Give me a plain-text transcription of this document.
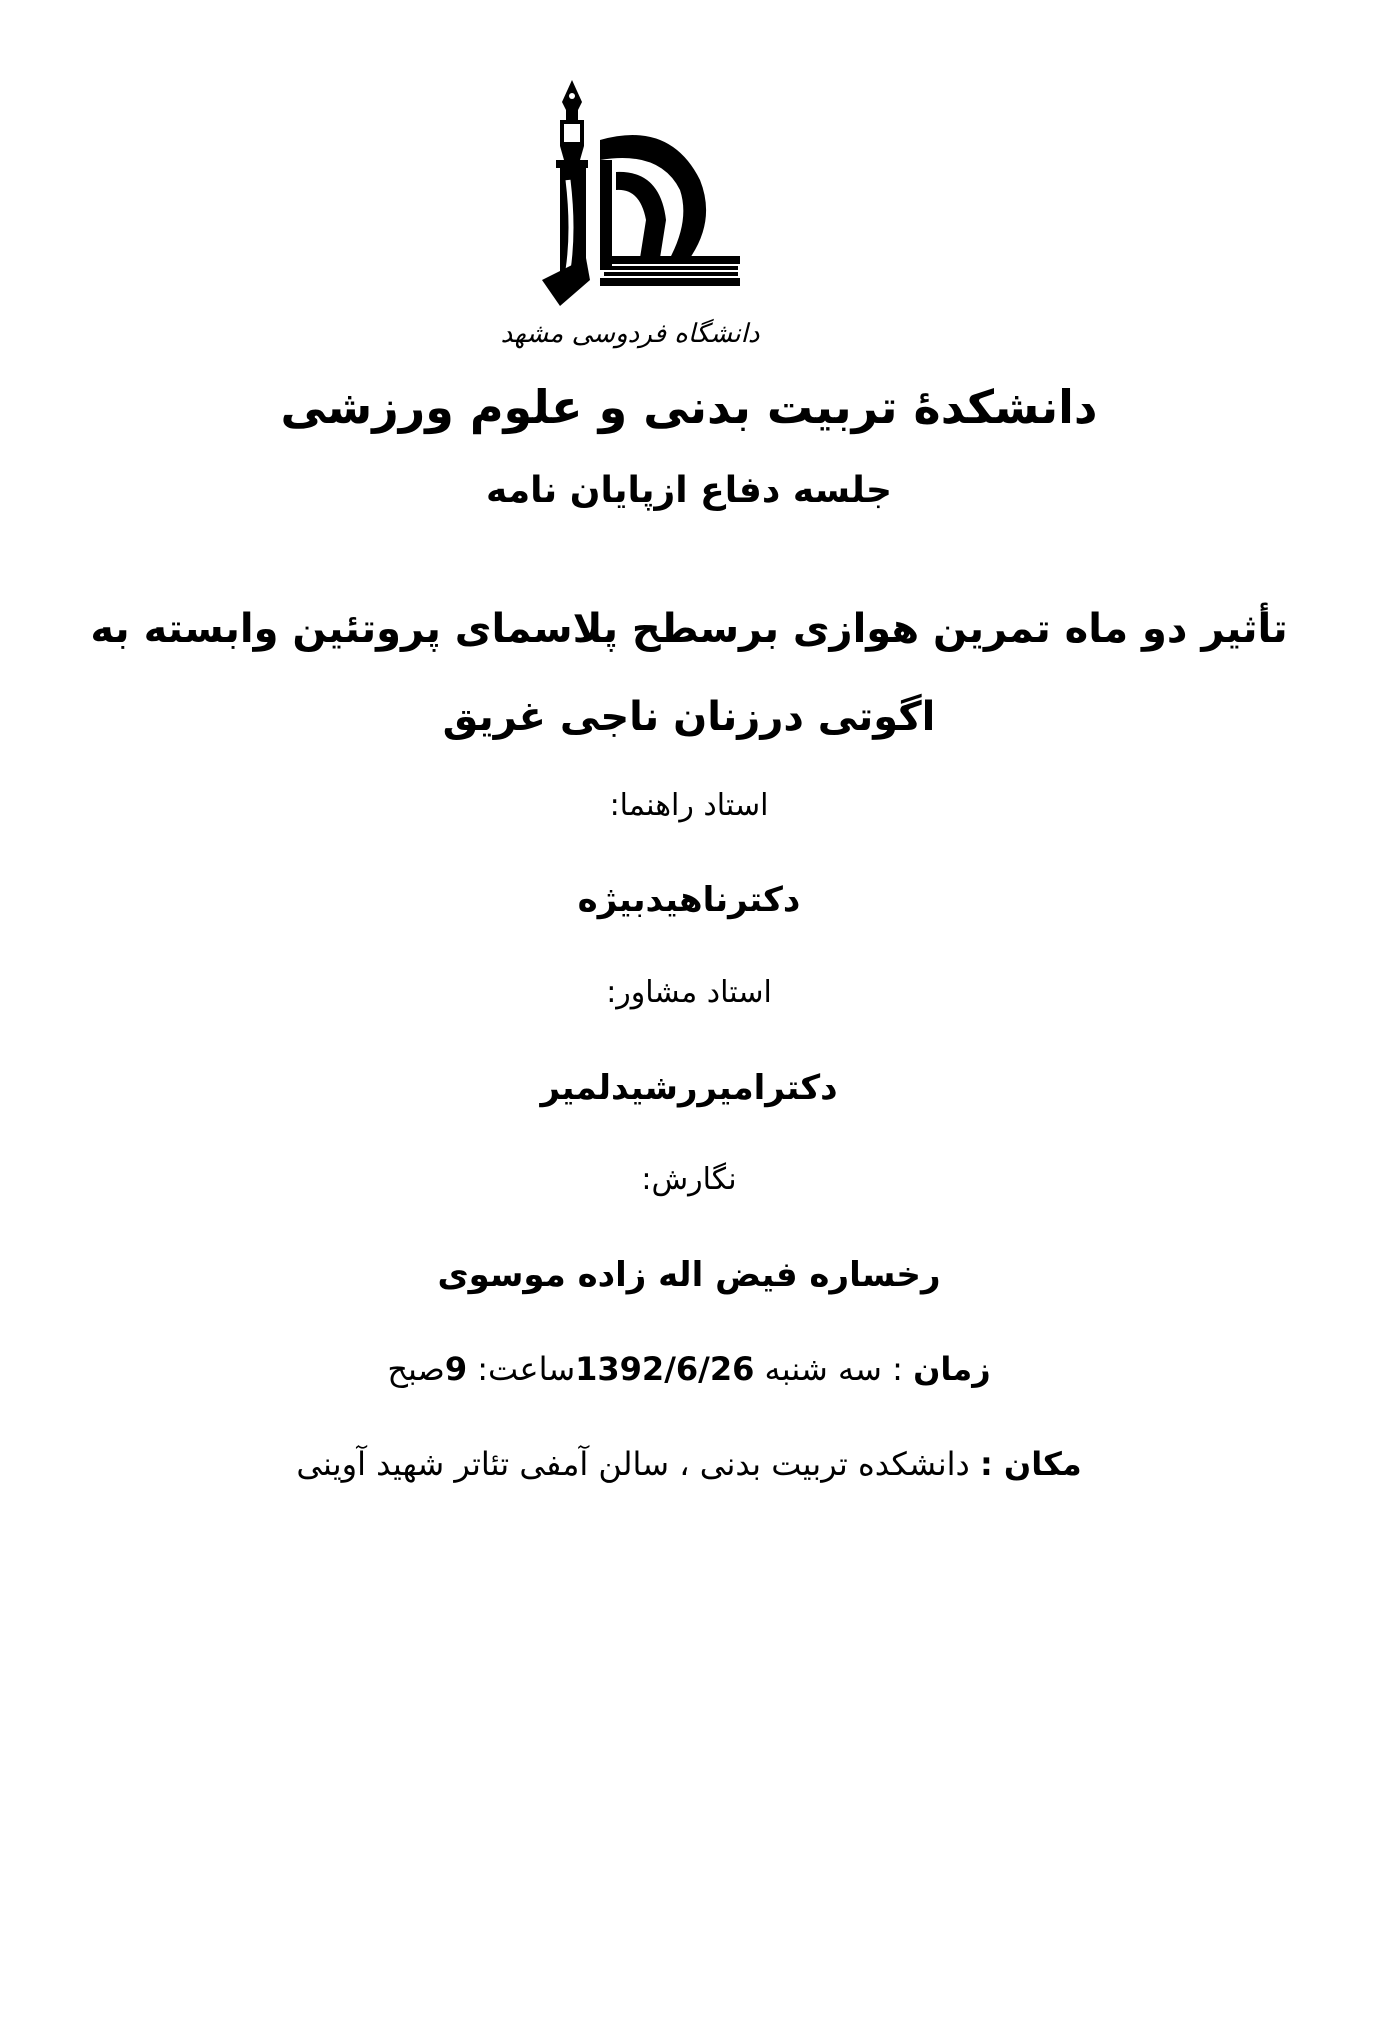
دانشگاه فردوسی مشهد
دانشکدهٔ تربیت بدنی و علوم ورزشی
جلسه دفاع ازپایان نامه
تأثیر دو ماه تمرین هوازی برسطح پلاسمای پروتئین وابسته به اگوتی درزنان ناجی غریق
استاد راهنما:
دکترناهیدبیژه
استاد مشاور:
دکترامیررشیدلمیر
نگارش:
رخساره فیض اله زاده موسوی
زمان : سه شنبه 1392/6/26ساعت: 9صبح
مکان : دانشکده تربیت بدنی ، سالن آمفی تئاتر شهید آوینی
